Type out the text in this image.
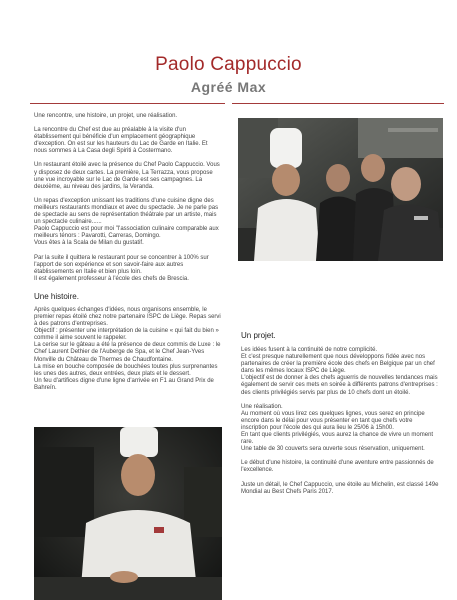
Paolo Cappuccio
Agréé Max

Une rencontre, une histoire, un projet, une réalisation.

La rencontre du Chef est due au préalable à la visite d'un établissement qui bénéficie d'un emplacement géographique d'exception. On est sur les hauteurs du Lac de Garde en Italie. Et nous sommes à La Casa degli Spiriti à Costermano.

Un restaurant étoilé avec la présence du Chef Paolo Cappuccio. Vous y disposez de deux cartes. La première, La Terrazza, vous propose une vue incroyable sur le Lac de Garde est ses campagnes. La deuxième, au niveau des jardins, la Veranda.

Un repas d'exception unissant les traditions d'une cuisine digne des meilleurs restaurants mondiaux et avec du spectacle. Je ne parle pas de spectacle au sens de représentation théâtrale par un artiste, mais un spectacle culinaire......

Paolo Cappuccio est pour moi "l'association culinaire comparable aux meilleurs ténors : Pavarotti, Carreras, Domingo.

Vous êtes à la Scala de Milan du gustatif.

Par la suite il quittera le restaurant pour se concentrer à 100% sur l'apport de son expérience et son savoir-faire aux autres établissements en Italie et bien plus loin.

Il est également professeur à l'école des chefs de Brescia.

Une histoire.

Après quelques échanges d'idées, nous organisons ensemble, le premier repas étoilé chez notre partenaire ISPC de Liège. Repas servi à des patrons d'entreprises.

Objectif : présenter une interprétation de la cuisine « qui fait du bien » comme il aime souvent le rappeler.

La cerise sur le gâteau a été la présence de deux commis de Luxe : le Chef Laurent Dethier de l'Auberge de Spa, et le Chef Jean-Yves Monville du Château de Thermes de Chaudfontaine.

La mise en bouche composée de bouchées toutes plus surprenantes les unes des autres, deux entrées, deux plats et le dessert.

Un feu d'artifices digne d'une ligne d'arrivée en F1 au Grand Prix de Bahreïn.

Un projet.

Les idées fusent à la continuité de notre complicité.

Et c'est presque naturellement que nous développons l'idée avec nos partenaires de créer la première école des chefs en Belgique par un chef dans les mêmes locaux ISPC de Liège.

L'objectif est de donner à des chefs aguerris de nouvelles tendances mais également de servir ces mets en soirée à différents patrons d'entreprises : des clients privilégiés servis par plus de 10 chefs dont un étoilé.

Une réalisation.

Au moment où vous lirez ces quelques lignes, vous serez en principe encore dans le délai pour vous présenter en tant que chefs votre inscription pour l'école des qui aura lieu le 25/06 à 15h00.

En tant que clients privilégiés, vous aurez la chance de vivre un moment rare.

Une table de 30 couverts sera ouverte sous réservation, uniquement.

Le début d'une histoire, la continuité d'une aventure entre passionnés de l'excellence.

Juste un détail, le Chef Cappuccio, une étoile au Michelin, est classé 149e Mondial au Best Chefs Paris 2017.
